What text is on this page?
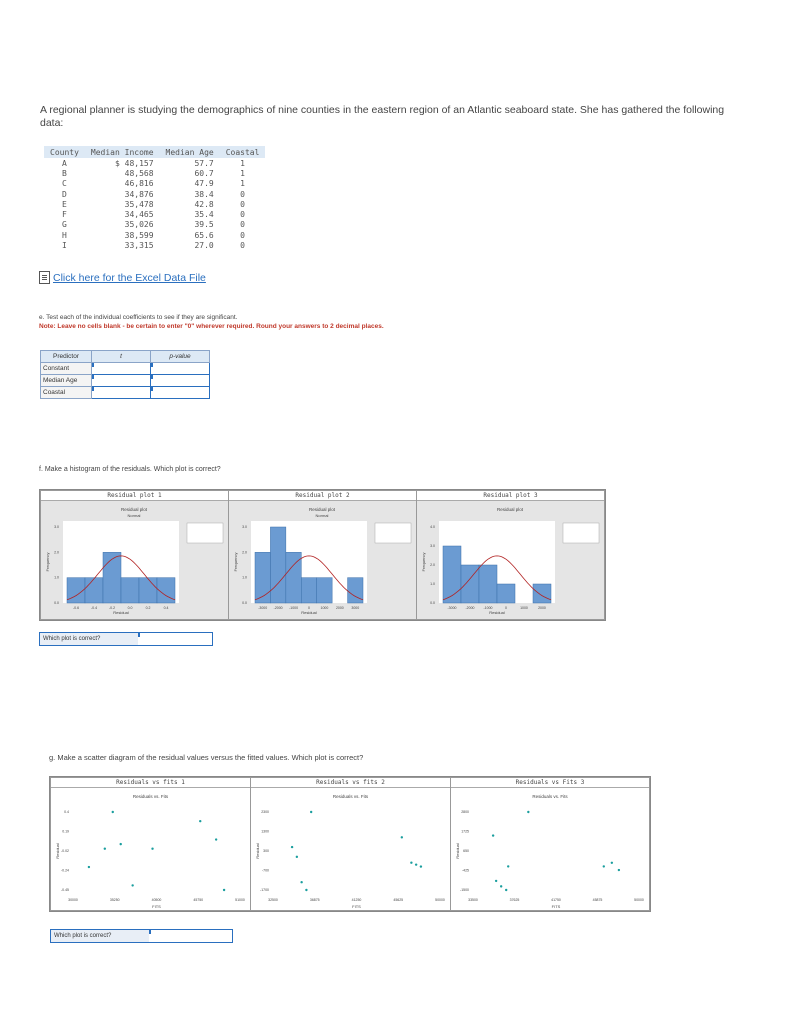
A regional planner is studying the demographics of nine counties in the eastern region of an Atlantic seaboard state. She has gathered the following data:
County	Median Income	Median Age	Coastal
A	$ 48,157	57.7	1
B	48,568	60.7	1
C	46,816	47.9	1
D	34,876	38.4	0
E	35,478	42.8	0
F	34,465	35.4	0
G	35,026	39.5	0
H	38,599	65.6	0
I	33,315	27.0	0
Click here for the Excel Data File
e. Test each of the individual coefficients to see if they are significant.
Note: Leave no cells blank - be certain to enter "0" wherever required. Round your answers to 2 decimal places.
Predictor	t	p-value
Constant		
Median Age		
Coastal		
f. Make a histogram of the residuals. Which plot is correct?
Residual plot 1
Residual plot
Normal
-0.6	-0.4	-0.2	0.0	0.2	0.4
Residual
Frequency
0.0
1.0
2.0
3.0
Residual plot 2
Residual plot
Normal
-3000 -2000 -1000	0	1000 2000 3000
Residual
Frequency
0.0
1.0
2.0
3.0
Residual plot 3
Residual plot
-3000	-2000	-1000	0	1000	2000
Residual
Frequency
0.0
1.0
2.0
3.0
4.0
Which plot is correct?
g. Make a scatter diagram of the residual values versus the fitted values. Which plot is correct?
Residuals vs fits 1
Residuals vs. Fits
FITS
Residual
30000	35250	40500	45750	51000
-0.45
-0.24
-0.02
0.19
0.4
Residuals vs fits 2
Residuals vs. Fits
FITS
Residual
32500	36875	41250	45625	50000
-1700
-700
300
1300
2300
Residuals vs Fits 3
Residuals vs. Fits
FITS
Residual
33500	37625	41750	45875	50000
-1500
-425
650
1725
2800
Which plot is correct?
